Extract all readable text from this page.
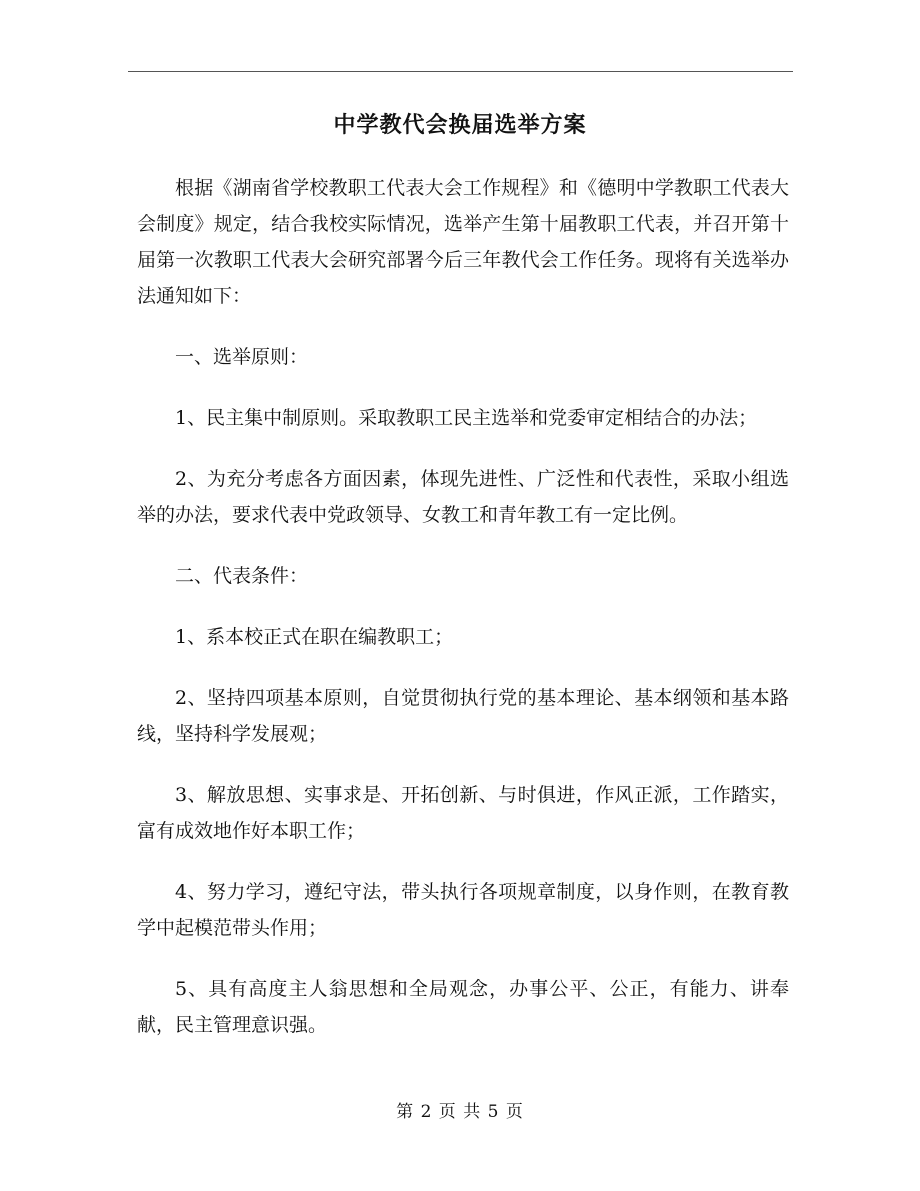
中学教代会换届选举方案

根据《湖南省学校教职工代表大会工作规程》和《德明中学教职工代表大会制度》规定，结合我校实际情况，选举产生第十届教职工代表，并召开第十届第一次教职工代表大会研究部署今后三年教代会工作任务。现将有关选举办法通知如下：

一、选举原则：

1、民主集中制原则。采取教职工民主选举和党委审定相结合的办法；

2、为充分考虑各方面因素，体现先进性、广泛性和代表性，采取小组选举的办法，要求代表中党政领导、女教工和青年教工有一定比例。

二、代表条件：

1、系本校正式在职在编教职工；

2、坚持四项基本原则，自觉贯彻执行党的基本理论、基本纲领和基本路线，坚持科学发展观；

3、解放思想、实事求是、开拓创新、与时俱进，作风正派，工作踏实，富有成效地作好本职工作；

4、努力学习，遵纪守法，带头执行各项规章制度，以身作则，在教育教学中起模范带头作用；

5、具有高度主人翁思想和全局观念，办事公平、公正，有能力、讲奉献，民主管理意识强。

第 2 页 共 5 页
